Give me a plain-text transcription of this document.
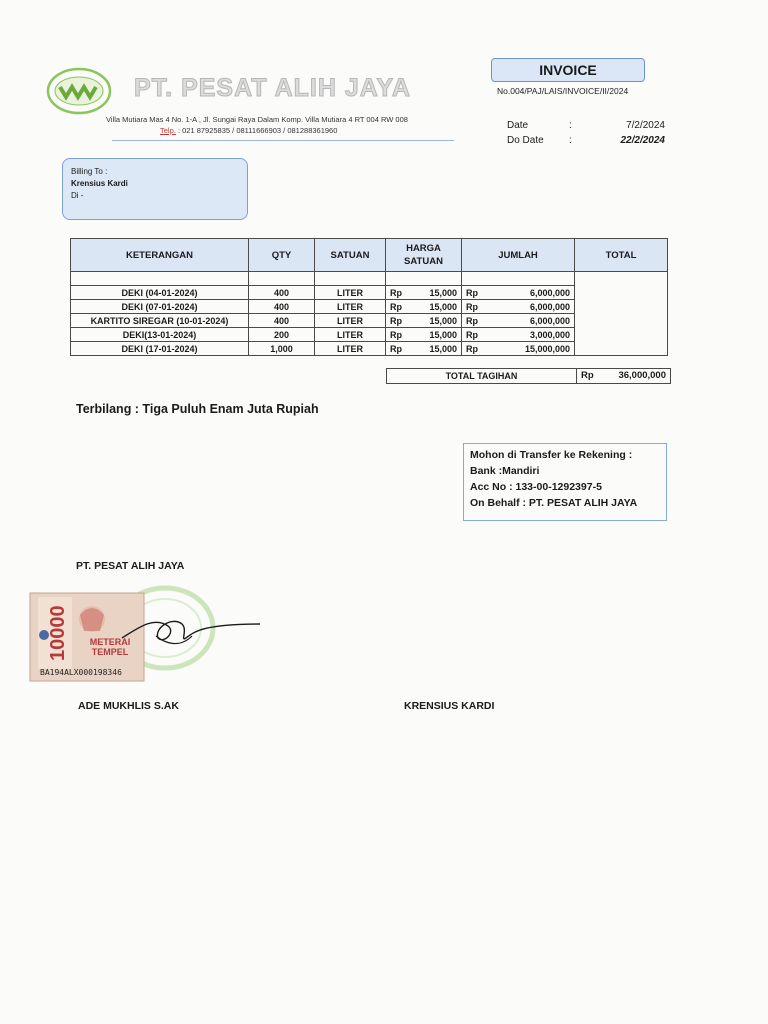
PT. PESAT ALIH JAYA
Villa Mutiara Mas 4 No. 1-A , Jl. Sungai Raya Dalam Komp. Villa Mutiara 4 RT 004 RW 008
Telp. : 021 87925835 / 08111666903 / 081288361960
INVOICE
No.004/PAJ/LAIS/INVOICE/II/2024
Date	:	7/2/2024
Do Date	:	22/2/2024
Billing To :
Krensius Kardi
Di -
KETERANGAN	QTY	SATUAN	HARGA SATUAN	JUMLAH	TOTAL

DEKI (04-01-2024)	400	LITER	Rp 15,000	Rp 6,000,000	

DEKI (07-01-2024)	400	LITER	Rp 15,000	Rp 6,000,000	

KARTITO SIREGAR (10-01-2024)	400	LITER	Rp 15,000	Rp 6,000,000	

DEKI(13-01-2024)	200	LITER	Rp 15,000	Rp 3,000,000	

DEKI (17-01-2024)	1,000	LITER	Rp 15,000	Rp 15,000,000	
TOTAL TAGIHAN	Rp	36,000,000
Terbilang : Tiga Puluh Enam Juta Rupiah
Mohon di Transfer ke Rekening :
Bank :Mandiri
Acc No : 133-00-1292397-5
On Behalf : PT. PESAT ALIH JAYA
PT. PESAT ALIH JAYA
10000	METERAI TEMPEL
BA194ALX000198346
ADE MUKHLIS S.AK	KRENSIUS KARDI
